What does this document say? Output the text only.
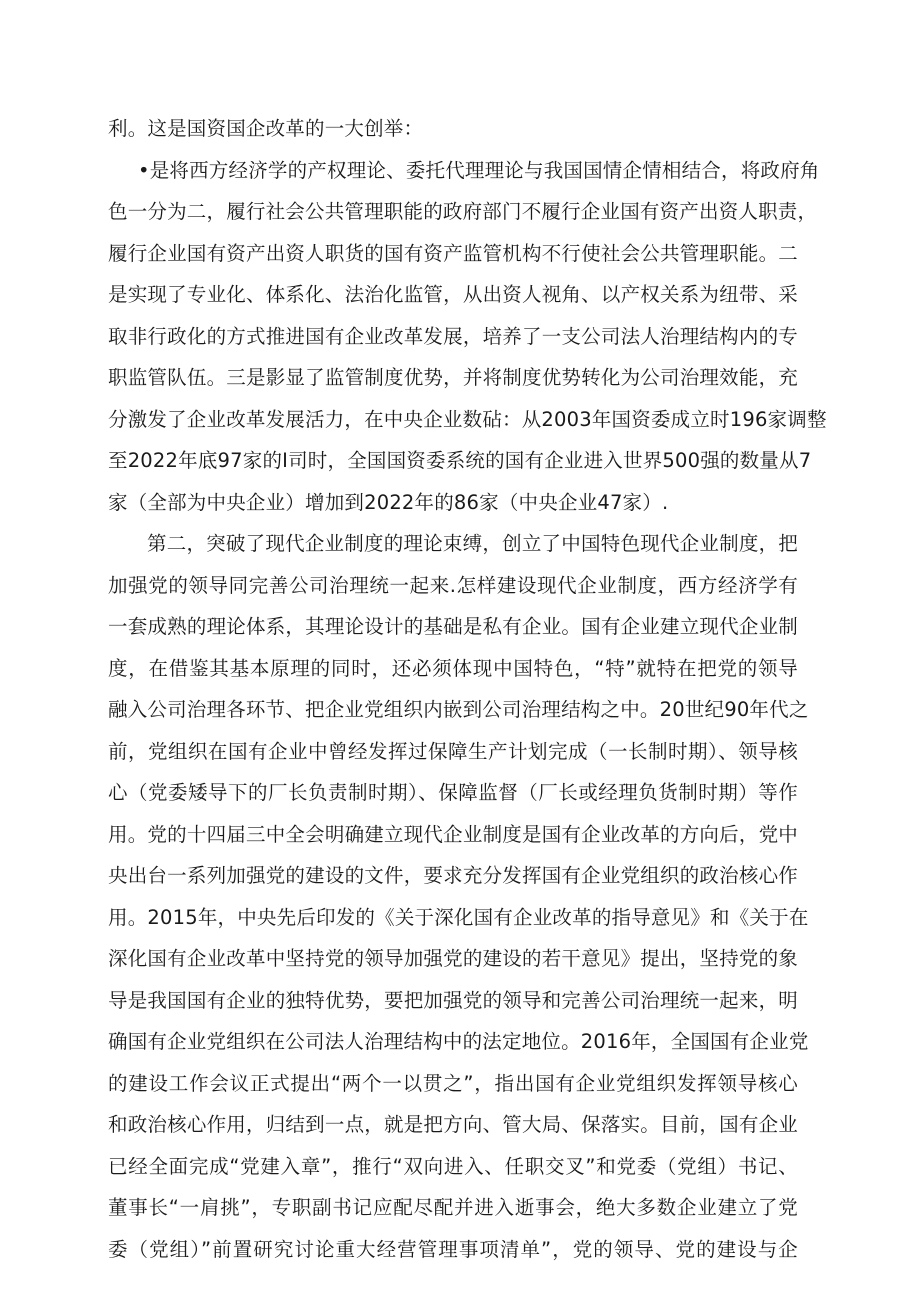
利。这是国资国企改革的一大创举：
•是将西方经济学的产权理论、委托代理理论与我国国情企情相结合，将政府角
色一分为二，履行社会公共管理职能的政府部门不履行企业国有资产出资人职责，
履行企业国有资产出资人职货的国有资产监管机构不行使社会公共管理职能。二
是实现了专业化、体系化、法治化监管，从出资人视角、以产权关系为纽带、采
取非行政化的方式推进国有企业改革发展，培养了一支公司法人治理结构内的专
职监管队伍。三是影显了监管制度优势，并将制度优势转化为公司治理效能，充
分激发了企业改革发展活力，在中央企业数砧：从2003年国资委成立时196家调整
至2022年底97家的I司时，全国国资委系统的国有企业进入世界500强的数量从7
家（全部为中央企业）增加到2022年的86家（中央企业47家）.
第二，突破了现代企业制度的理论束缚，创立了中国特色现代企业制度，把
加强党的领导同完善公司治理统一起来.怎样建设现代企业制度，西方经济学有
一套成熟的理论体系，其理论设计的基础是私有企业。国有企业建立现代企业制
度，在借鉴其基本原理的同时，还必须体现中国特色，“特”就特在把党的领导
融入公司治理各环节、把企业党组织内嵌到公司治理结构之中。20世纪90年代之
前，党组织在国有企业中曾经发挥过保障生产计划完成（一长制时期）、领导核
心（党委矮导下的厂长负责制时期）、保障监督（厂长或经理负货制时期）等作
用。党的十四届三中全会明确建立现代企业制度是国有企业改革的方向后，党中
央出台一系列加强党的建设的文件，要求充分发挥国有企业党组织的政治核心作
用。2015年，中央先后印发的《关于深化国有企业改革的指导意见》和《关于在
深化国有企业改革中坚持党的领导加强党的建设的若干意见》提出，坚持党的象
导是我国国有企业的独特优势，要把加强党的领导和完善公司治理统一起来，明
确国有企业党组织在公司法人治理结构中的法定地位。2016年，全国国有企业党
的建设工作会议正式提出“两个一以贯之”，指出国有企业党组织发挥领导核心
和政治核心作用，归结到一点，就是把方向、管大局、保落实。目前，国有企业
已经全面完成“党建入章”，推行“双向进入、任职交叉”和党委（党组）书记、
董事长“一肩挑”，专职副书记应配尽配并进入逝事会，绝大多数企业建立了党
委（党组）”前置研究讨论重大经营管理事项清单”，党的领导、党的建设与企
